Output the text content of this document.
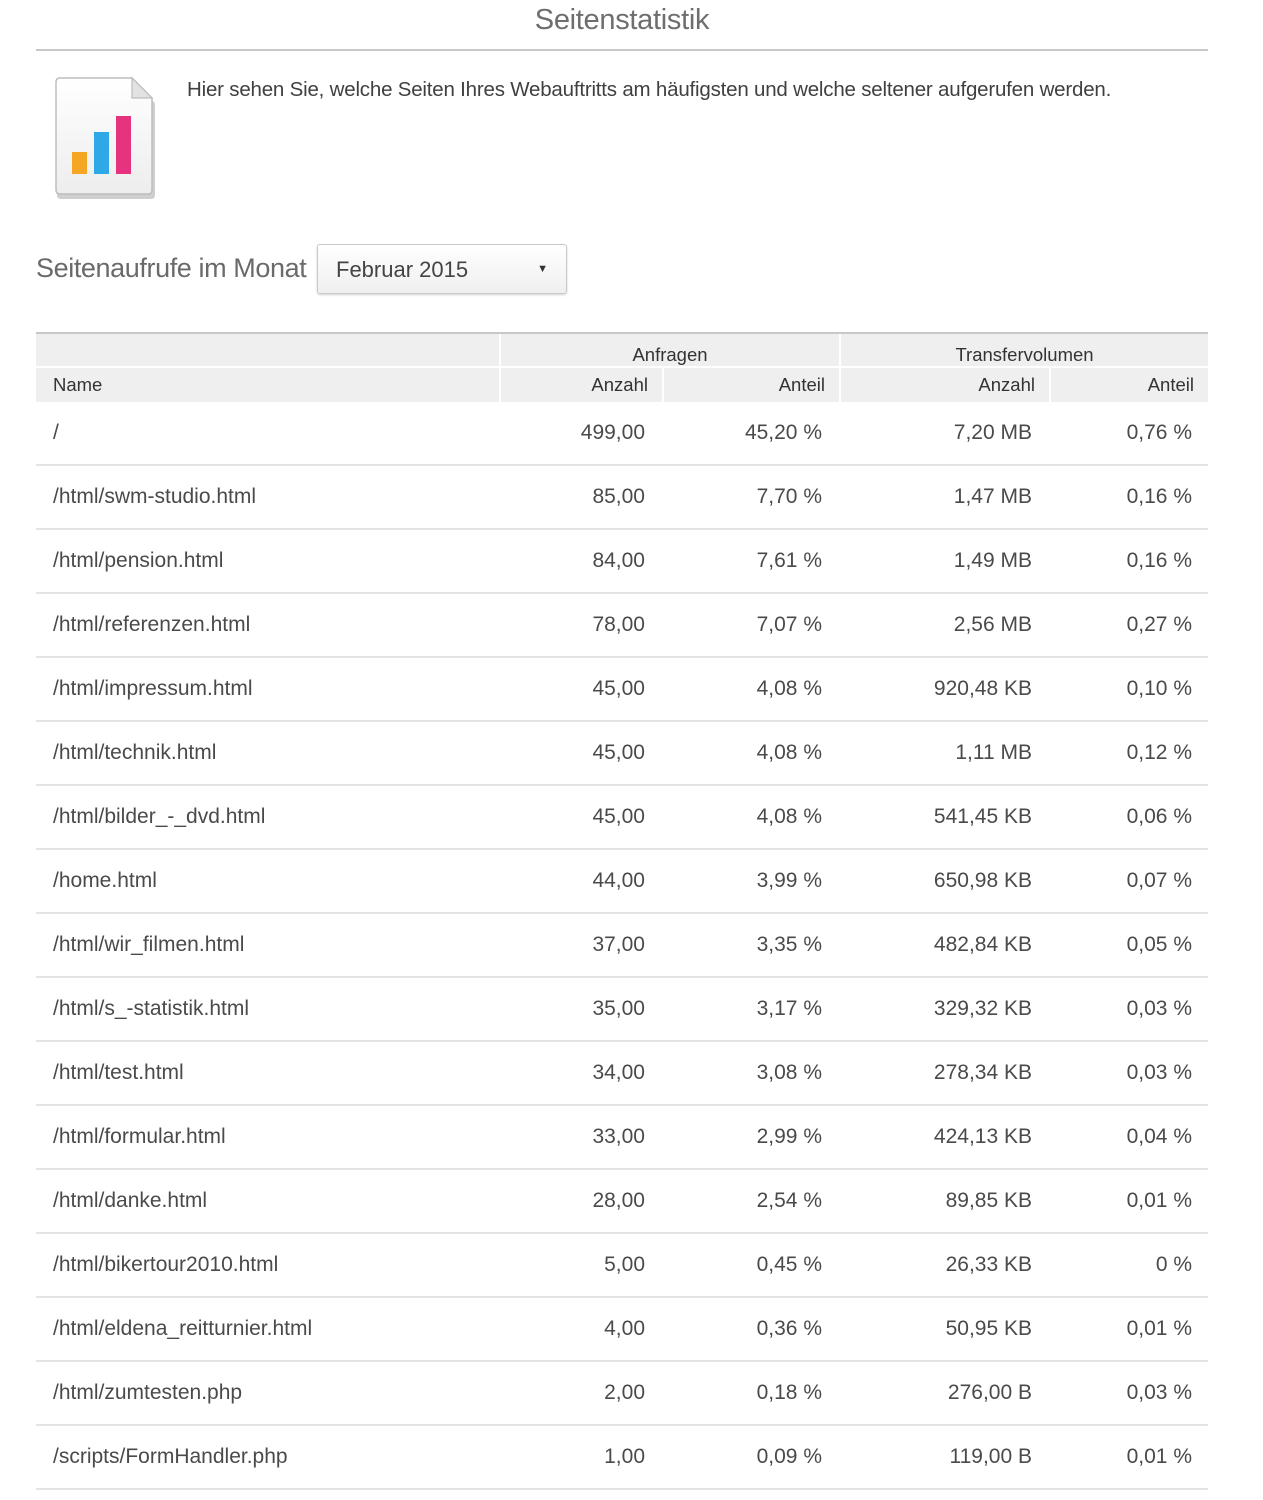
Seitenstatistik
Hier sehen Sie, welche Seiten Ihres Webauftritts am häufigsten und welche seltener aufgerufen werden.
Seitenaufrufe im Monat Februar 2015	▼
	Anfragen		Transfervolumen	
Name	Anzahl	Anteil	Anzahl	Anteil
/	499,00	45,20 %	7,20 MB	0,76 %
/html/swm-studio.html	85,00	7,70 %	1,47 MB	0,16 %
/html/pension.html	84,00	7,61 %	1,49 MB	0,16 %
/html/referenzen.html	78,00	7,07 %	2,56 MB	0,27 %
/html/impressum.html	45,00	4,08 %	920,48 KB	0,10 %
/html/technik.html	45,00	4,08 %	1,11 MB	0,12 %
/html/bilder_-_dvd.html	45,00	4,08 %	541,45 KB	0,06 %
/home.html	44,00	3,99 %	650,98 KB	0,07 %
/html/wir_filmen.html	37,00	3,35 %	482,84 KB	0,05 %
/html/s_-statistik.html	35,00	3,17 %	329,32 KB	0,03 %
/html/test.html	34,00	3,08 %	278,34 KB	0,03 %
/html/formular.html	33,00	2,99 %	424,13 KB	0,04 %
/html/danke.html	28,00	2,54 %	89,85 KB	0,01 %
/html/bikertour2010.html	5,00	0,45 %	26,33 KB	0 %
/html/eldena_reitturnier.html	4,00	0,36 %	50,95 KB	0,01 %
/html/zumtesten.php	2,00	0,18 %	276,00 B	0,03 %
/scripts/FormHandler.php	1,00	0,09 %	119,00 B	0,01 %
